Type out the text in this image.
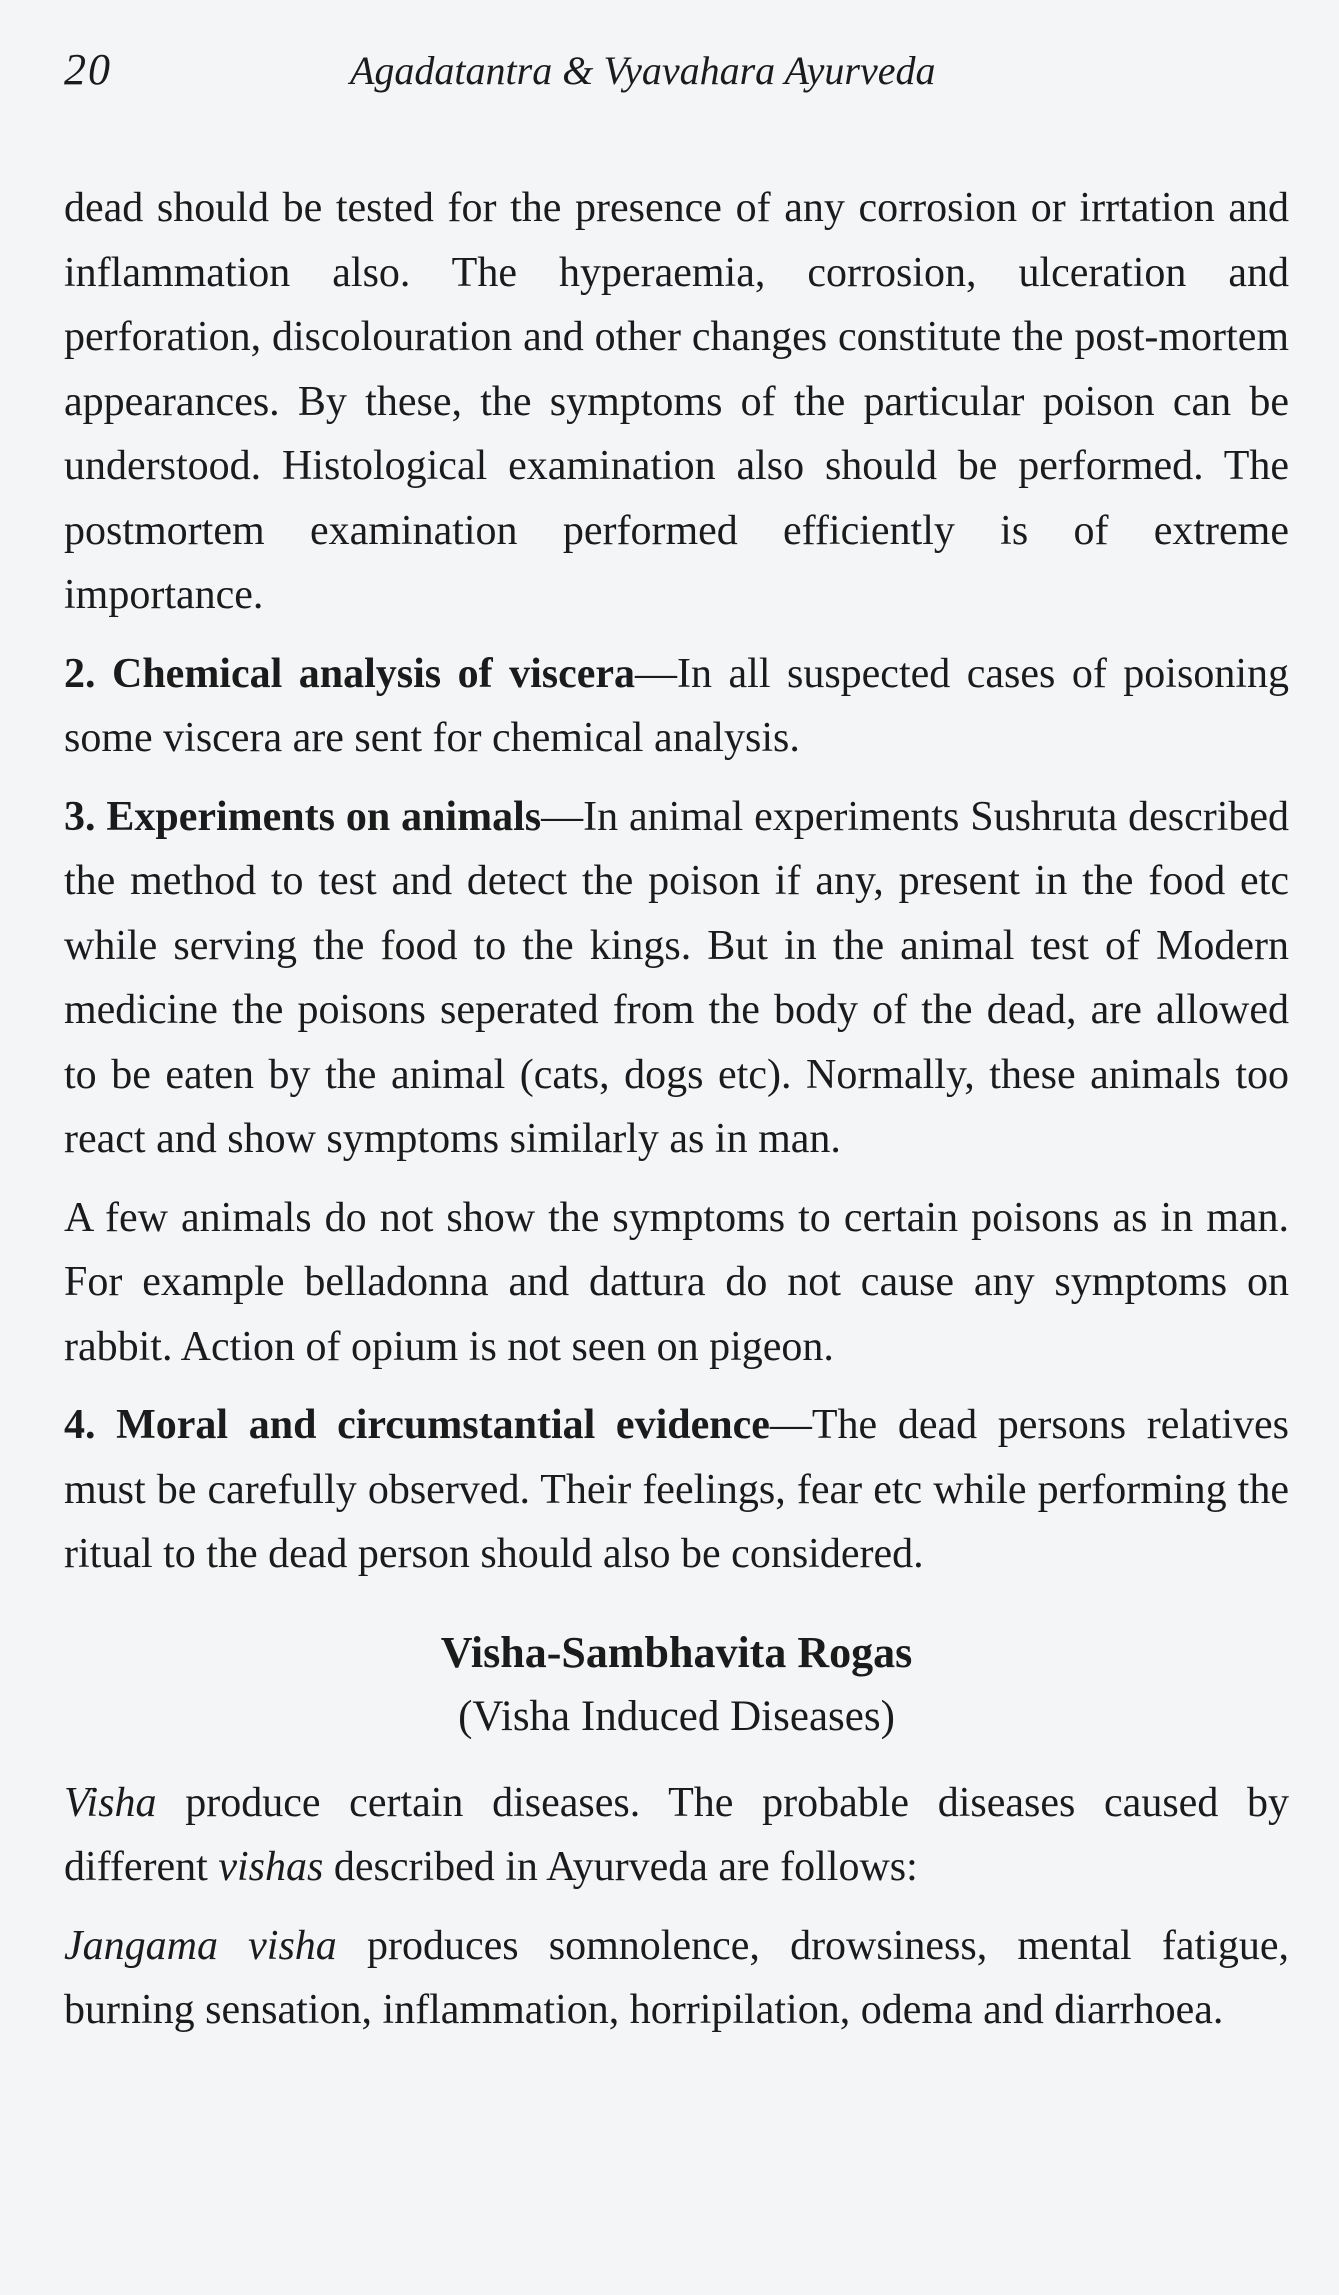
20	Agadatantra & Vyavahara Ayurveda

dead should be tested for the presence of any corrosion or irrtation and inflammation also. The hyperaemia, corrosion, ulceration and perforation, discolouration and other changes constitute the post-mortem appearances. By these, the symptoms of the particular poison can be understood. Histological examination also should be performed. The postmortem examination performed efficiently is of extreme importance.

2. Chemical analysis of viscera—In all suspected cases of poisoning some viscera are sent for chemical analysis.

3. Experiments on animals—In animal experiments Sushruta described the method to test and detect the poison if any, present in the food etc while serving the food to the kings. But in the animal test of Modern medicine the poisons seperated from the body of the dead, are allowed to be eaten by the animal (cats, dogs etc). Normally, these animals too react and show symptoms similarly as in man.

A few animals do not show the symptoms to certain poisons as in man. For example belladonna and dattura do not cause any symptoms on rabbit. Action of opium is not seen on pigeon.

4. Moral and circumstantial evidence—The dead persons relatives must be carefully observed. Their feelings, fear etc while performing the ritual to the dead person should also be considered.

Visha-Sambhavita Rogas
(Visha Induced Diseases)

Visha produce certain diseases. The probable diseases caused by different vishas described in Ayurveda are follows:

Jangama visha produces somnolence, drowsiness, mental fatigue, burning sensation, inflammation, horripilation, odema and diarrhoea.
